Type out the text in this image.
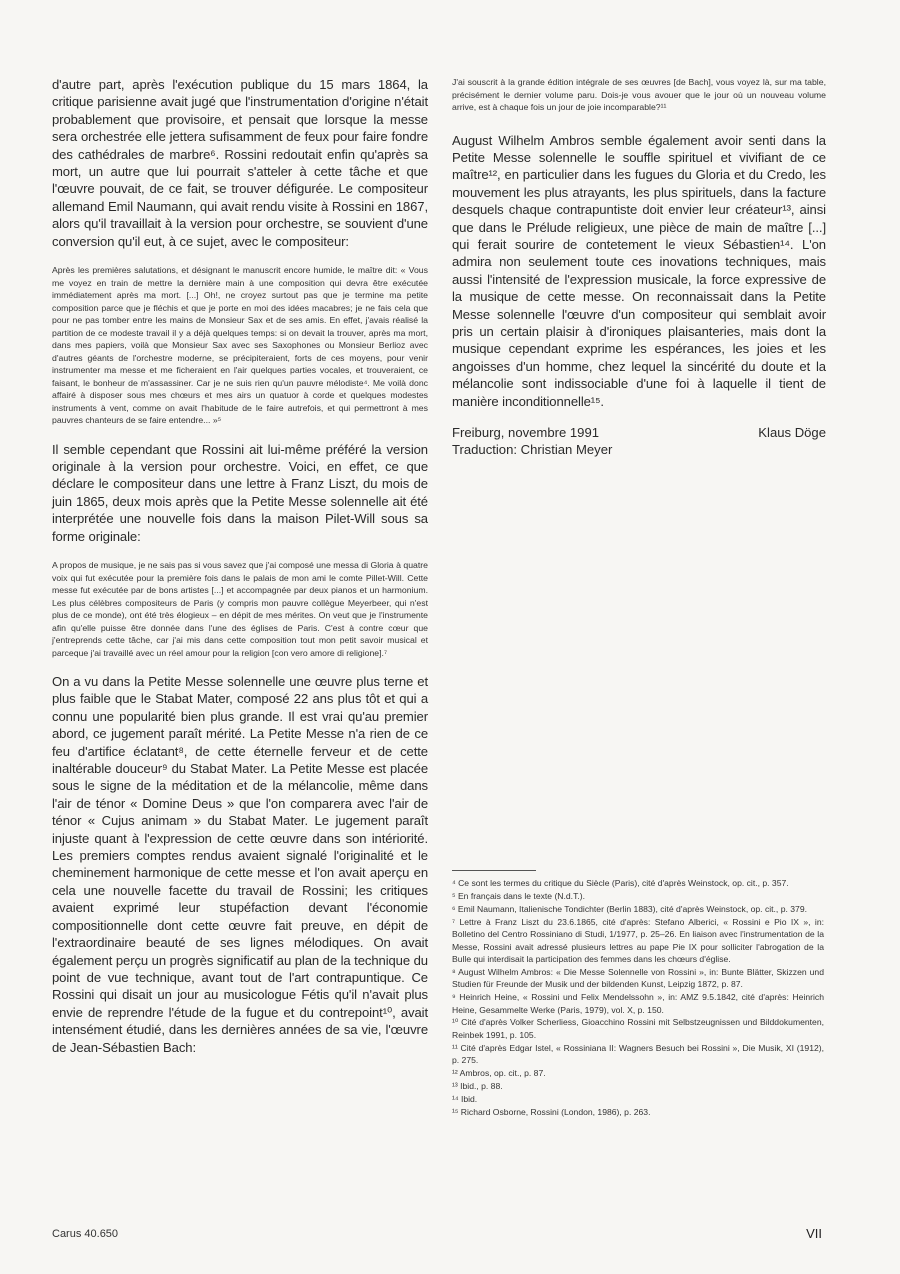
d'autre part, après l'exécution publique du 15 mars 1864, la critique parisienne avait jugé que l'instrumentation d'origine n'était probablement que provisoire, et pensait que lorsque la messe sera orchestrée elle jettera sufisamment de feux pour faire fondre des cathédrales de marbre⁶. Rossini redoutait enfin qu'après sa mort, un autre que lui pourrait s'atteler à cette tâche et que l'œuvre pouvait, de ce fait, se trouver défigurée. Le compositeur allemand Emil Naumann, qui avait rendu visite à Rossini en 1867, alors qu'il travaillait à la version pour orchestre, se souvient d'une conversion qu'il eut, à ce sujet, avec le compositeur:

Après les premières salutations, et désignant le manuscrit encore humide, le maître dit: « Vous me voyez en train de mettre la dernière main à une composition qui devra être exécutée immédiatement après ma mort. [...] Oh!, ne croyez surtout pas que je termine ma petite composition parce que je fléchis et que je porte en moi des idées macabres; je ne fais cela que pour ne pas tomber entre les mains de Monsieur Sax et de ses amis. En effet, j'avais réalisé la partition de ce modeste travail il y a déjà quelques temps: si on devait la trouver, après ma mort, dans mes papiers, voilà que Monsieur Sax avec ses Saxophones ou Monsieur Berlioz avec d'autres géants de l'orchestre moderne, se précipiteraient, forts de ces moyens, pour venir instrumenter ma messe et me ficheraient en l'air quelques parties vocales, et trouveraient, ce faisant, le bonheur de m'assassiner. Car je ne suis rien qu'un pauvre mélodiste⁴. Me voilà donc affairé à disposer sous mes chœurs et mes airs un quatuor à corde et quelques modestes instruments à vent, comme on avait l'habitude de le faire autrefois, et qui permettront à mes pauvres chanteurs de se faire entendre... »⁵

Il semble cependant que Rossini ait lui-même préféré la version originale à la version pour orchestre. Voici, en effet, ce que déclare le compositeur dans une lettre à Franz Liszt, du mois de juin 1865, deux mois après que la Petite Messe solennelle ait été interprétée une nouvelle fois dans la maison Pilet-Will sous sa forme originale:

A propos de musique, je ne sais pas si vous savez que j'ai composé une messa di Gloria à quatre voix qui fut exécutée pour la première fois dans le palais de mon ami le comte Pillet-Will. Cette messe fut exécutée par de bons artistes [...] et accompagnée par deux pianos et un harmonium. Les plus célèbres compositeurs de Paris (y compris mon pauvre collègue Meyerbeer, qui n'est plus de ce monde), ont été très élogieux – en dépit de mes mérites. On veut que je l'instrumente afin qu'elle puisse être donnée dans l'une des églises de Paris. C'est à contre cœur que j'entreprends cette tâche, car j'ai mis dans cette composition tout mon petit savoir musical et parceque j'ai travaillé avec un réel amour pour la religion [con vero amore di religione].⁷

On a vu dans la Petite Messe solennelle une œuvre plus terne et plus faible que le Stabat Mater, composé 22 ans plus tôt et qui a connu une popularité bien plus grande. Il est vrai qu'au premier abord, ce jugement paraît mérité. La Petite Messe n'a rien de ce feu d'artifice éclatant⁸, de cette éternelle ferveur et de cette inaltérable douceur⁹ du Stabat Mater. La Petite Messe est placée sous le signe de la méditation et de la mélancolie, même dans l'air de ténor « Domine Deus » que l'on comparera avec l'air de ténor « Cujus animam » du Stabat Mater. Le jugement paraît injuste quant à l'expression de cette œuvre dans son intériorité. Les premiers comptes rendus avaient signalé l'originalité et le cheminement harmonique de cette messe et l'on avait aperçu en cela une nouvelle facette du travail de Rossini; les critiques avaient exprimé leur stupéfaction devant l'économie compositionnelle dont cette œuvre fait preuve, en dépit de l'extraordinaire beauté de ses lignes mélodiques. On avait également perçu un progrès significatif au plan de la technique du point de vue technique, avant tout de l'art contrapuntique. Ce Rossini qui disait un jour au musicologue Fétis qu'il n'avait plus envie de reprendre l'étude de la fugue et du contrepoint¹⁰, avait intensément étudié, dans les dernières années de sa vie, l'œuvre de Jean-Sébastien Bach:

J'ai souscrit à la grande édition intégrale de ses œuvres [de Bach], vous voyez là, sur ma table, précisément le dernier volume paru. Dois-je vous avouer que le jour où un nouveau volume arrive, est à chaque fois un jour de joie incomparable?¹¹

August Wilhelm Ambros semble également avoir senti dans la Petite Messe solennelle le souffle spirituel et vivifiant de ce maître¹², en particulier dans les fugues du Gloria et du Credo, les mouvement les plus atrayants, les plus spirituels, dans la facture desquels chaque contrapuntiste doit envier leur créateur¹³, ainsi que dans le Prélude religieux, une pièce de main de maître [...] qui ferait sourire de contetement le vieux Sébastien¹⁴. L'on admira non seulement toute ces inovations techniques, mais aussi l'intensité de l'expression musicale, la force expressive de la musique de cette messe. On reconnaissait dans la Petite Messe solennelle l'œuvre d'un compositeur qui semblait avoir pris un certain plaisir à d'ironiques plaisanteries, mais dont la musique cependant exprime les espérances, les joies et les angoisses d'un homme, chez lequel la sincérité du doute et la mélancolie sont indissociable d'une foi à laquelle il tient de manière inconditionnelle¹⁵.

Freiburg, novembre 1991	Klaus Döge

Traduction: Christian Meyer

⁴ Ce sont les termes du critique du Siècle (Paris), cité d'après Weinstock, op. cit., p. 357.

⁵ En français dans le texte (N.d.T.).

⁶ Emil Naumann, Italienische Tondichter (Berlin 1883), cité d'après Weinstock, op. cit., p. 379.

⁷ Lettre à Franz Liszt du 23.6.1865, cité d'après: Stefano Alberici, « Rossini e Pio IX », in: Bolletino del Centro Rossiniano di Studi, 1/1977, p. 25–26. En liaison avec l'instrumentation de la Messe, Rossini avait adressé plusieurs lettres au pape Pie IX pour solliciter l'abrogation de la Bulle qui interdisait la participation des femmes dans les chœurs d'église.

⁸ August Wilhelm Ambros: « Die Messe Solennelle von Rossini », in: Bunte Blätter, Skizzen und Studien für Freunde der Musik und der bildenden Kunst, Leipzig 1872, p. 87.

⁹ Heinrich Heine, « Rossini und Felix Mendelssohn », in: AMZ 9.5.1842, cité d'après: Heinrich Heine, Gesammelte Werke (Paris, 1979), vol. X, p. 150.

¹⁰ Cité d'après Volker Scherliess, Gioacchino Rossini mit Selbstzeugnissen und Bilddokumenten, Reinbek 1991, p. 105.

¹¹ Cité d'après Edgar Istel, « Rossiniana II: Wagners Besuch bei Rossini », Die Musik, XI (1912), p. 275.

¹² Ambros, op. cit., p. 87.

¹³ Ibid., p. 88.

¹⁴ Ibid.

¹⁵ Richard Osborne, Rossini (London, 1986), p. 263.

Carus 40.650	VII
